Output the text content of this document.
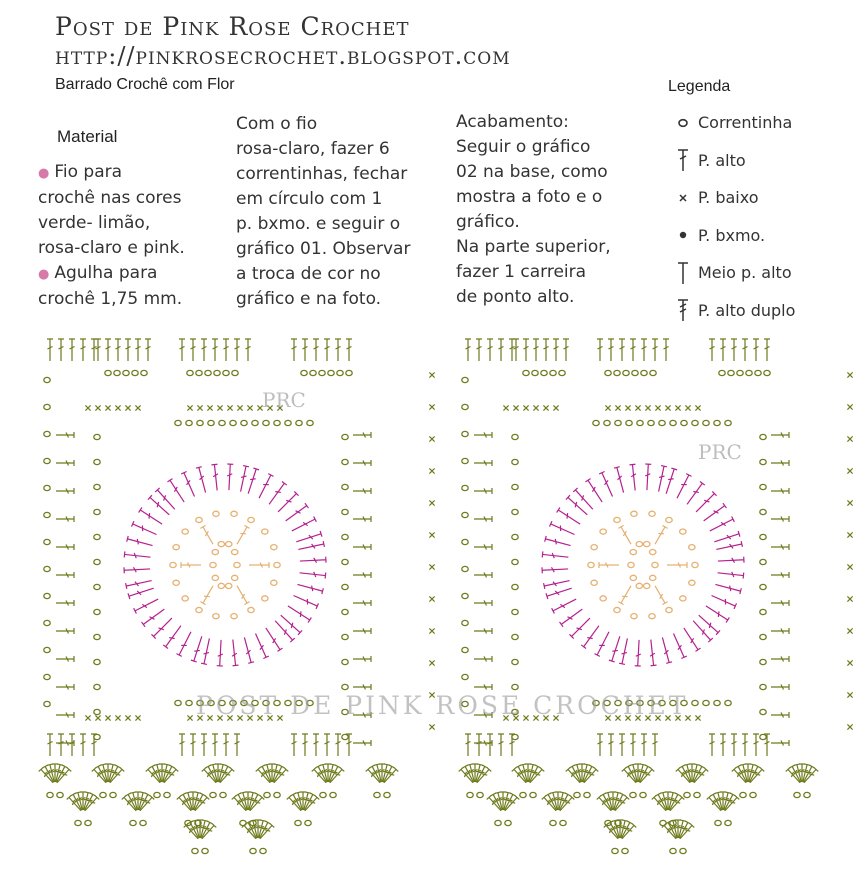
Post de Pink Rose Crochet
http://pinkrosecrochet.blogspot.com
Barrado Crochê com Flor
Material
● Fio para
crochê nas cores
verde- limão,
rosa-claro e pink.
● Agulha para
crochê 1,75 mm.
Com o fio
rosa-claro, fazer 6
correntinhas, fechar
em círculo com 1
p. bxmo. e seguir o
gráfico 01. Observar
a troca de cor no
gráfico e na foto.
Acabamento:
Seguir o gráfico
02 na base, como
mostra a foto e o
gráfico.
Na parte superior,
fazer 1 carreira
de ponto alto.
Legenda
Correntinha
P. alto
P. baixo
P. bxmo.
Meio p. alto
P. alto duplo
PRC
PRC
POST DE PINK ROSE CROCHET
